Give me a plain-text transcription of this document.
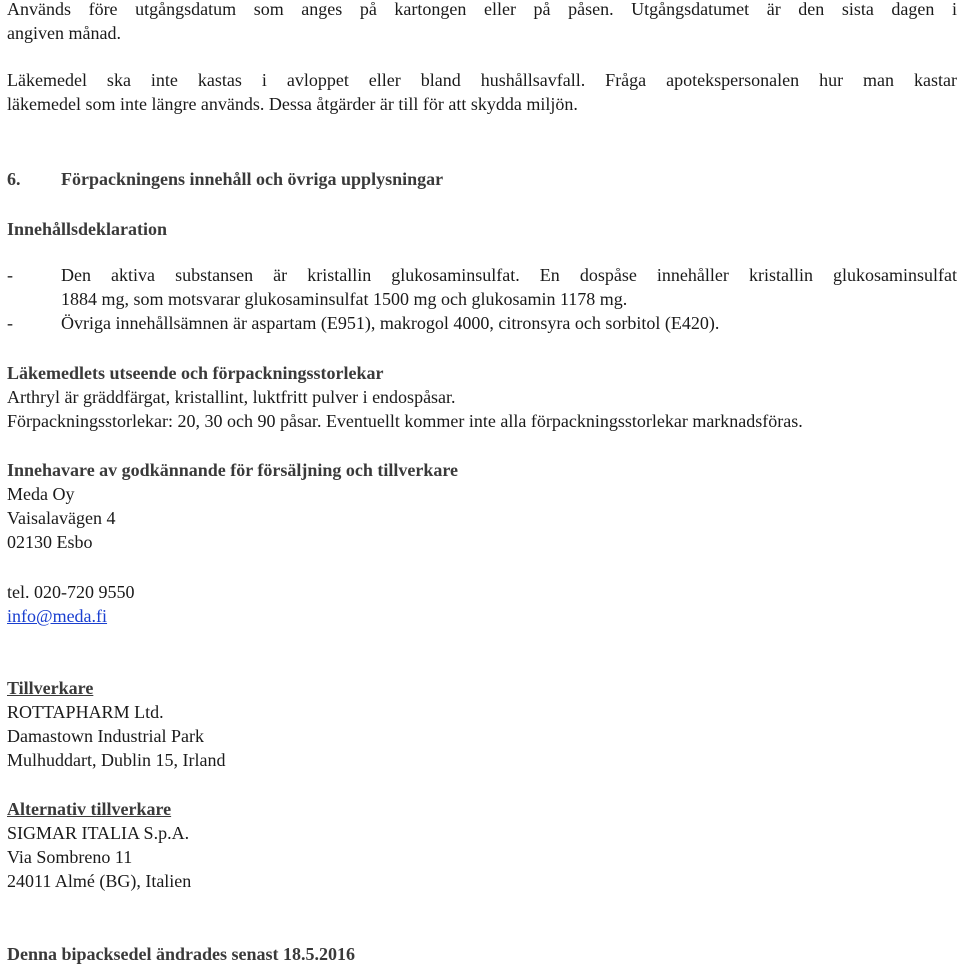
Används före utgångsdatum som anges på kartongen eller på påsen. Utgångsdatumet är den sista dagen i

angiven månad.

Läkemedel ska inte kastas i avloppet eller bland hushållsavfall. Fråga apotekspersonalen hur man kastar

läkemedel som inte längre används. Dessa åtgärder är till för att skydda miljön.

6. Förpackningens innehåll och övriga upplysningar

Innehållsdeklaration

-	Den aktiva substansen är kristallin glukosaminsulfat. En dospåse innehåller kristallin glukosaminsulfat

1884 mg, som motsvarar glukosaminsulfat 1500 mg och glukosamin 1178 mg.

-	Övriga innehållsämnen är aspartam (E951), makrogol 4000, citronsyra och sorbitol (E420).

Läkemedlets utseende och förpackningsstorlekar

Arthryl är gräddfärgat, kristallint, luktfritt pulver i endospåsar.

Förpackningsstorlekar: 20, 30 och 90 påsar. Eventuellt kommer inte alla förpackningsstorlekar marknadsföras.

Innehavare av godkännande för försäljning och tillverkare

Meda Oy

Vaisalavägen 4

02130 Esbo

tel. 020-720 9550

info@meda.fi

Tillverkare

ROTTAPHARM Ltd.

Damastown Industrial Park

Mulhuddart, Dublin 15, Irland

Alternativ tillverkare

SIGMAR ITALIA S.p.A.

Via Sombreno 11

24011 Almé (BG), Italien

Denna bipacksedel ändrades senast 18.5.2016
